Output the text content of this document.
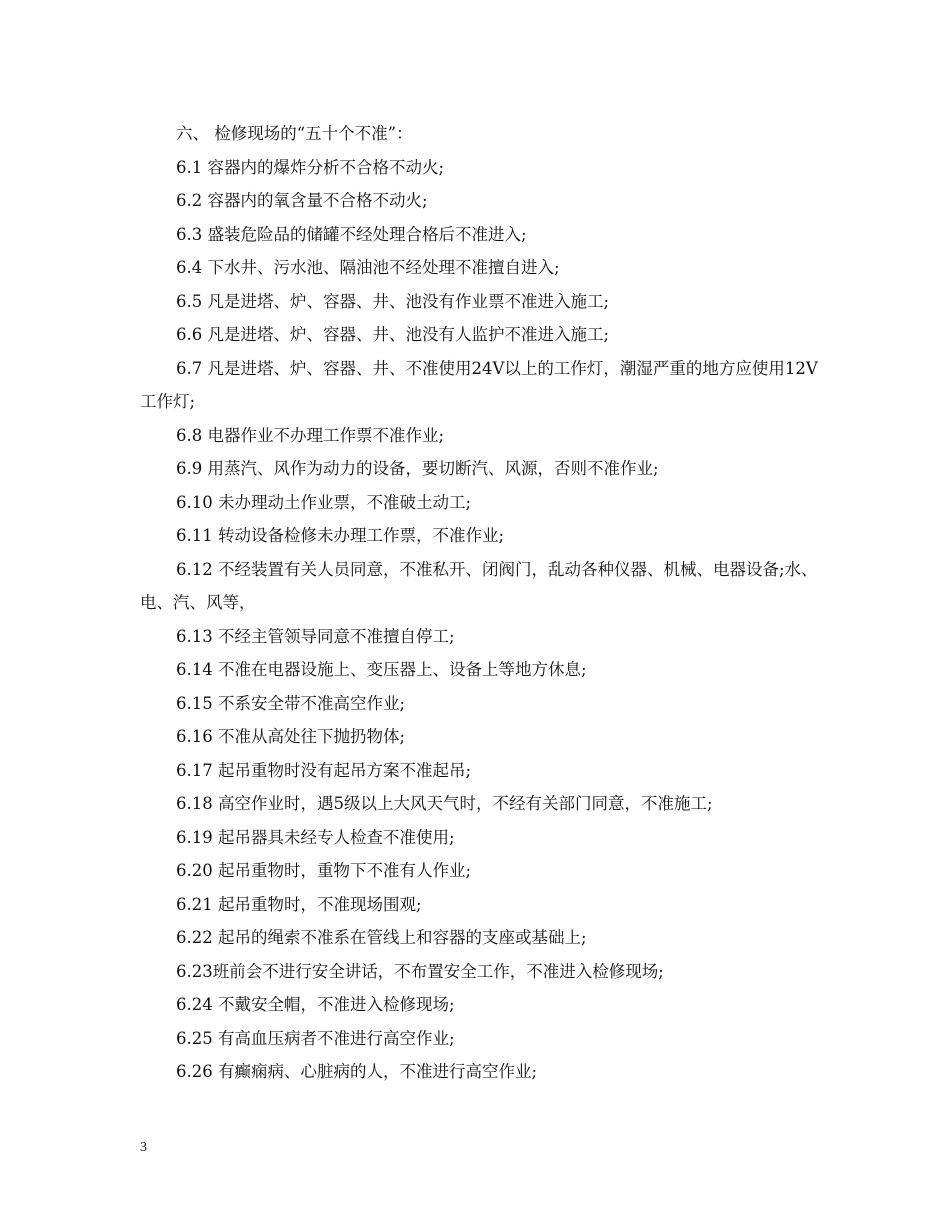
六、 检修现场的“五十个不准”：

6.1 容器内的爆炸分析不合格不动火;

6.2 容器内的氧含量不合格不动火;

6.3 盛装危险品的储罐不经处理合格后不准进入;

6.4 下水井、污水池、隔油池不经处理不准擅自进入;

6.5 凡是进塔、炉、容器、井、池没有作业票不准进入施工;

6.6 凡是进塔、炉、容器、井、池没有人监护不准进入施工;

6.7 凡是进塔、炉、容器、井、不准使用24V以上的工作灯，潮湿严重的地方应使用12V工作灯;

6.8 电器作业不办理工作票不准作业;

6.9 用蒸汽、风作为动力的设备，要切断汽、风源，否则不准作业;

6.10 未办理动土作业票，不准破土动工;

6.11 转动设备检修未办理工作票，不准作业;

6.12 不经装置有关人员同意，不准私开、闭阀门，乱动各种仪器、机械、电器设备;水、电、汽、风等，

6.13 不经主管领导同意不准擅自停工;

6.14 不准在电器设施上、变压器上、设备上等地方休息;

6.15 不系安全带不准高空作业;

6.16 不准从高处往下抛扔物体;

6.17 起吊重物时没有起吊方案不准起吊;

6.18 高空作业时，遇5级以上大风天气时，不经有关部门同意，不准施工;

6.19 起吊器具未经专人检查不准使用;

6.20 起吊重物时，重物下不准有人作业;

6.21 起吊重物时，不准现场围观;

6.22 起吊的绳索不准系在管线上和容器的支座或基础上;

6.23班前会不进行安全讲话，不布置安全工作，不准进入检修现场;

6.24 不戴安全帽，不准进入检修现场;

6.25 有高血压病者不准进行高空作业;

6.26 有癫痫病、心脏病的人，不准进行高空作业;

3
